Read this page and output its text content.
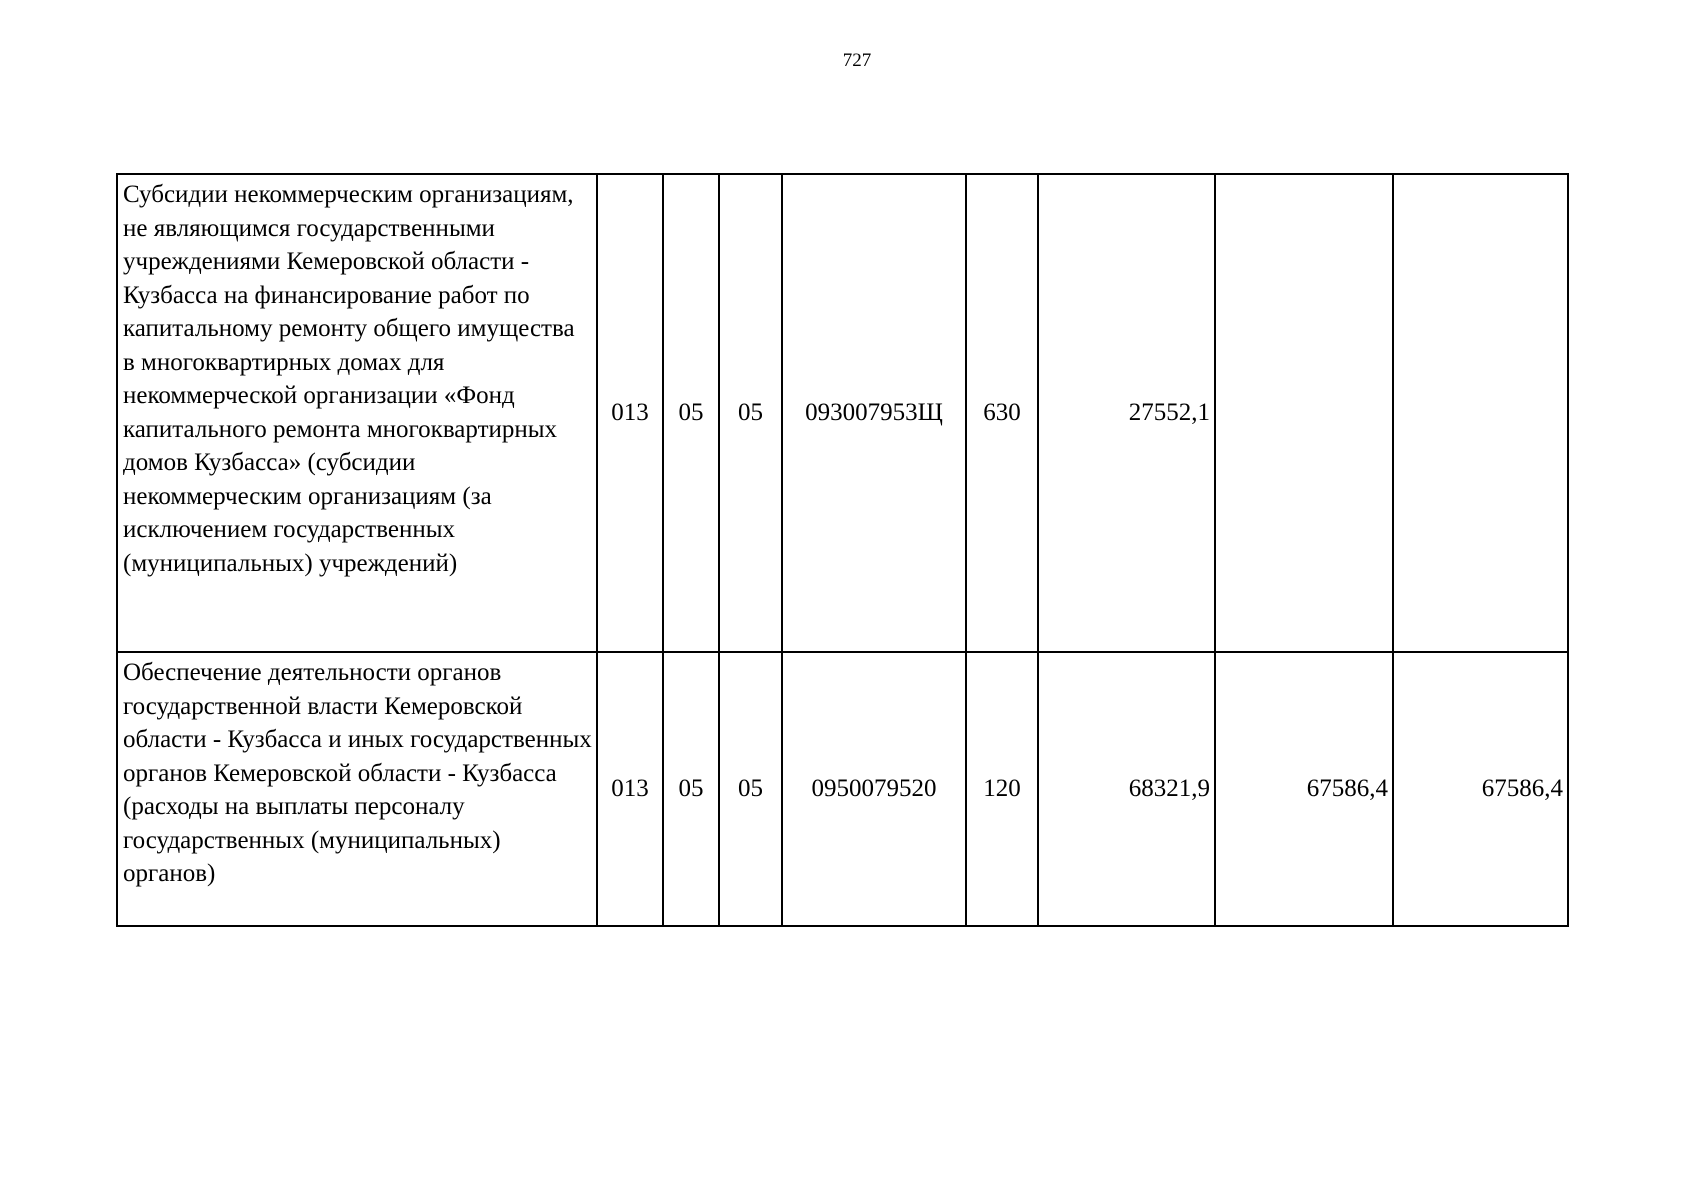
727
Субсидии некоммерческим организациям, не являющимся государственными учреждениями Кемеровской области - Кузбасса на финансирование работ по капитальному ремонту общего имущества в многоквартирных домах для некоммерческой организации «Фонд капитального ремонта многоквартирных домов Кузбасса» (субсидии некоммерческим организациям (за исключением государственных (муниципальных) учреждений)	013	05	05	093007953Щ	630	27552,1		
Обеспечение деятельности органов государственной власти Кемеровской области - Кузбасса и иных государственных органов Кемеровской области - Кузбасса (расходы на выплаты персоналу государственных (муниципальных) органов)	013	05	05	0950079520	120	68321,9	67586,4	67586,4
